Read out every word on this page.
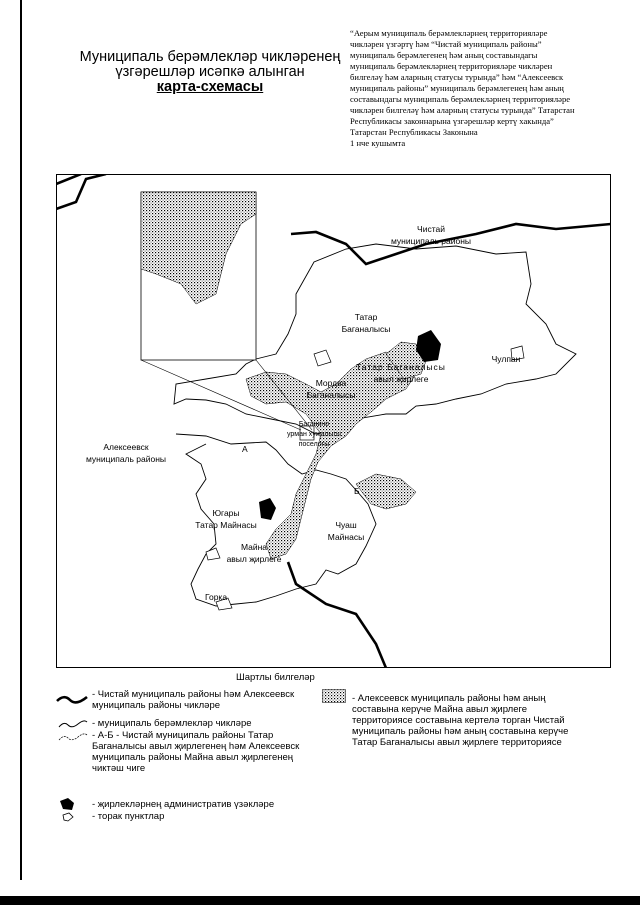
Муниципаль берәмлекләр чикләренең
үзгәрешләр исәпкә алынган
карта-схемасы
“Аерым муниципаль берәмлекләрнең территорияләре
чикләрен үзгәртү һәм “Чистай муниципаль районы”
муниципаль берәмлегенең һәм аның составындагы
муниципаль берәмлекләрнең территорияләре чикләрен
билгеләү һәм аларның статусы турында” һәм “Алексеевск
муниципаль районы” муниципаль берәмлегенең һәм аның
составындагы муниципаль берәмлекләрнең территорияләре
чикләрен билгеләү һәм аларның статусы турында” Татарстан
Республикасы законнарына үзгәрешләр кертү хакында”
Татарстан Республикасы Законына
1 нче кушымта
Чистай
муниципаль районы
Татар
Баганалысы
Татар Баганалысы
авыл җирлеге
Чулпан
Мордва
Баганалысы
Баганино
урман хуҗалыгы
поселогы
Алексеевск
муниципаль районы
Югары
Татар Майнасы
Майна
авыл җирлеге
Чуаш
Майнасы
Горка
А
Б
Шартлы билгеләр
- Чистай муниципаль районы һәм Алексеевск
муниципаль районы чикләре
- муниципаль берәмлекләр чикләре
- А-Б - Чистай муниципаль районы Татар
Баганалысы авыл җирлегенең һәм Алексеевск
муниципаль районы Майна авыл җирлегенең
чиктәш чиге
- җирлекләрнең административ үзәкләре
- торак пунктлар
- Алексеевск муниципаль районы һәм аның
составына керүче Майна авыл җирлеге
территориясе составына кертелә торган Чистай
муниципаль районы һәм аның составына керүче
Татар Баганалысы авыл җирлеге территориясе
